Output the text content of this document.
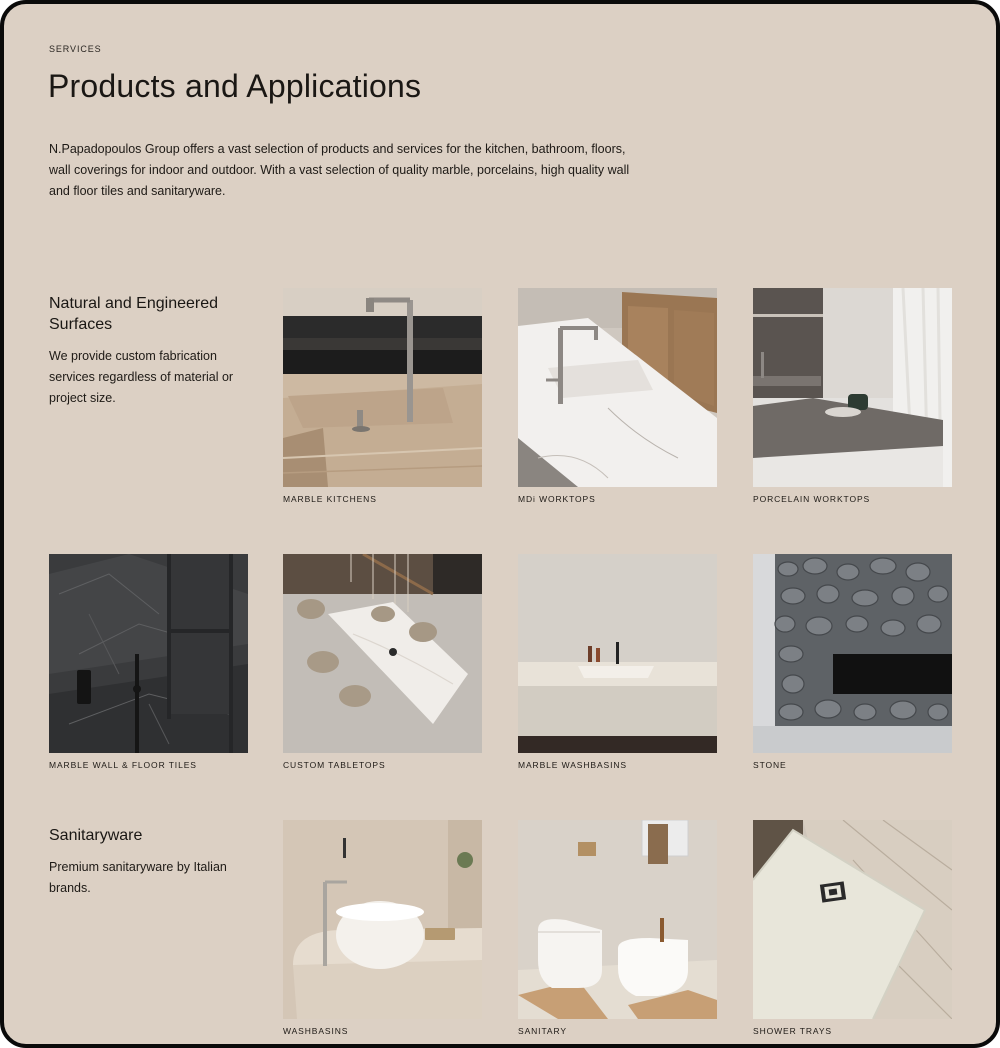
SERVICES
Products and Applications
N.Papadopoulos Group offers a vast selection of products and services for the kitchen, bathroom, floors, wall coverings for indoor and outdoor. With a vast selection of quality marble, porcelains, high quality wall and floor tiles and sanitaryware.
Natural and Engineered Surfaces
We provide custom fabrication services regardless of material or project size.
Sanitaryware
Premium sanitaryware by Italian brands.
MARBLE KITCHENS	MDi WORKTOPS	PORCELAIN WORKTOPS
MARBLE WALL & FLOOR TILES	CUSTOM TABLETOPS	MARBLE WASHBASINS	STONE
WASHBASINS	SANITARY	SHOWER TRAYS
